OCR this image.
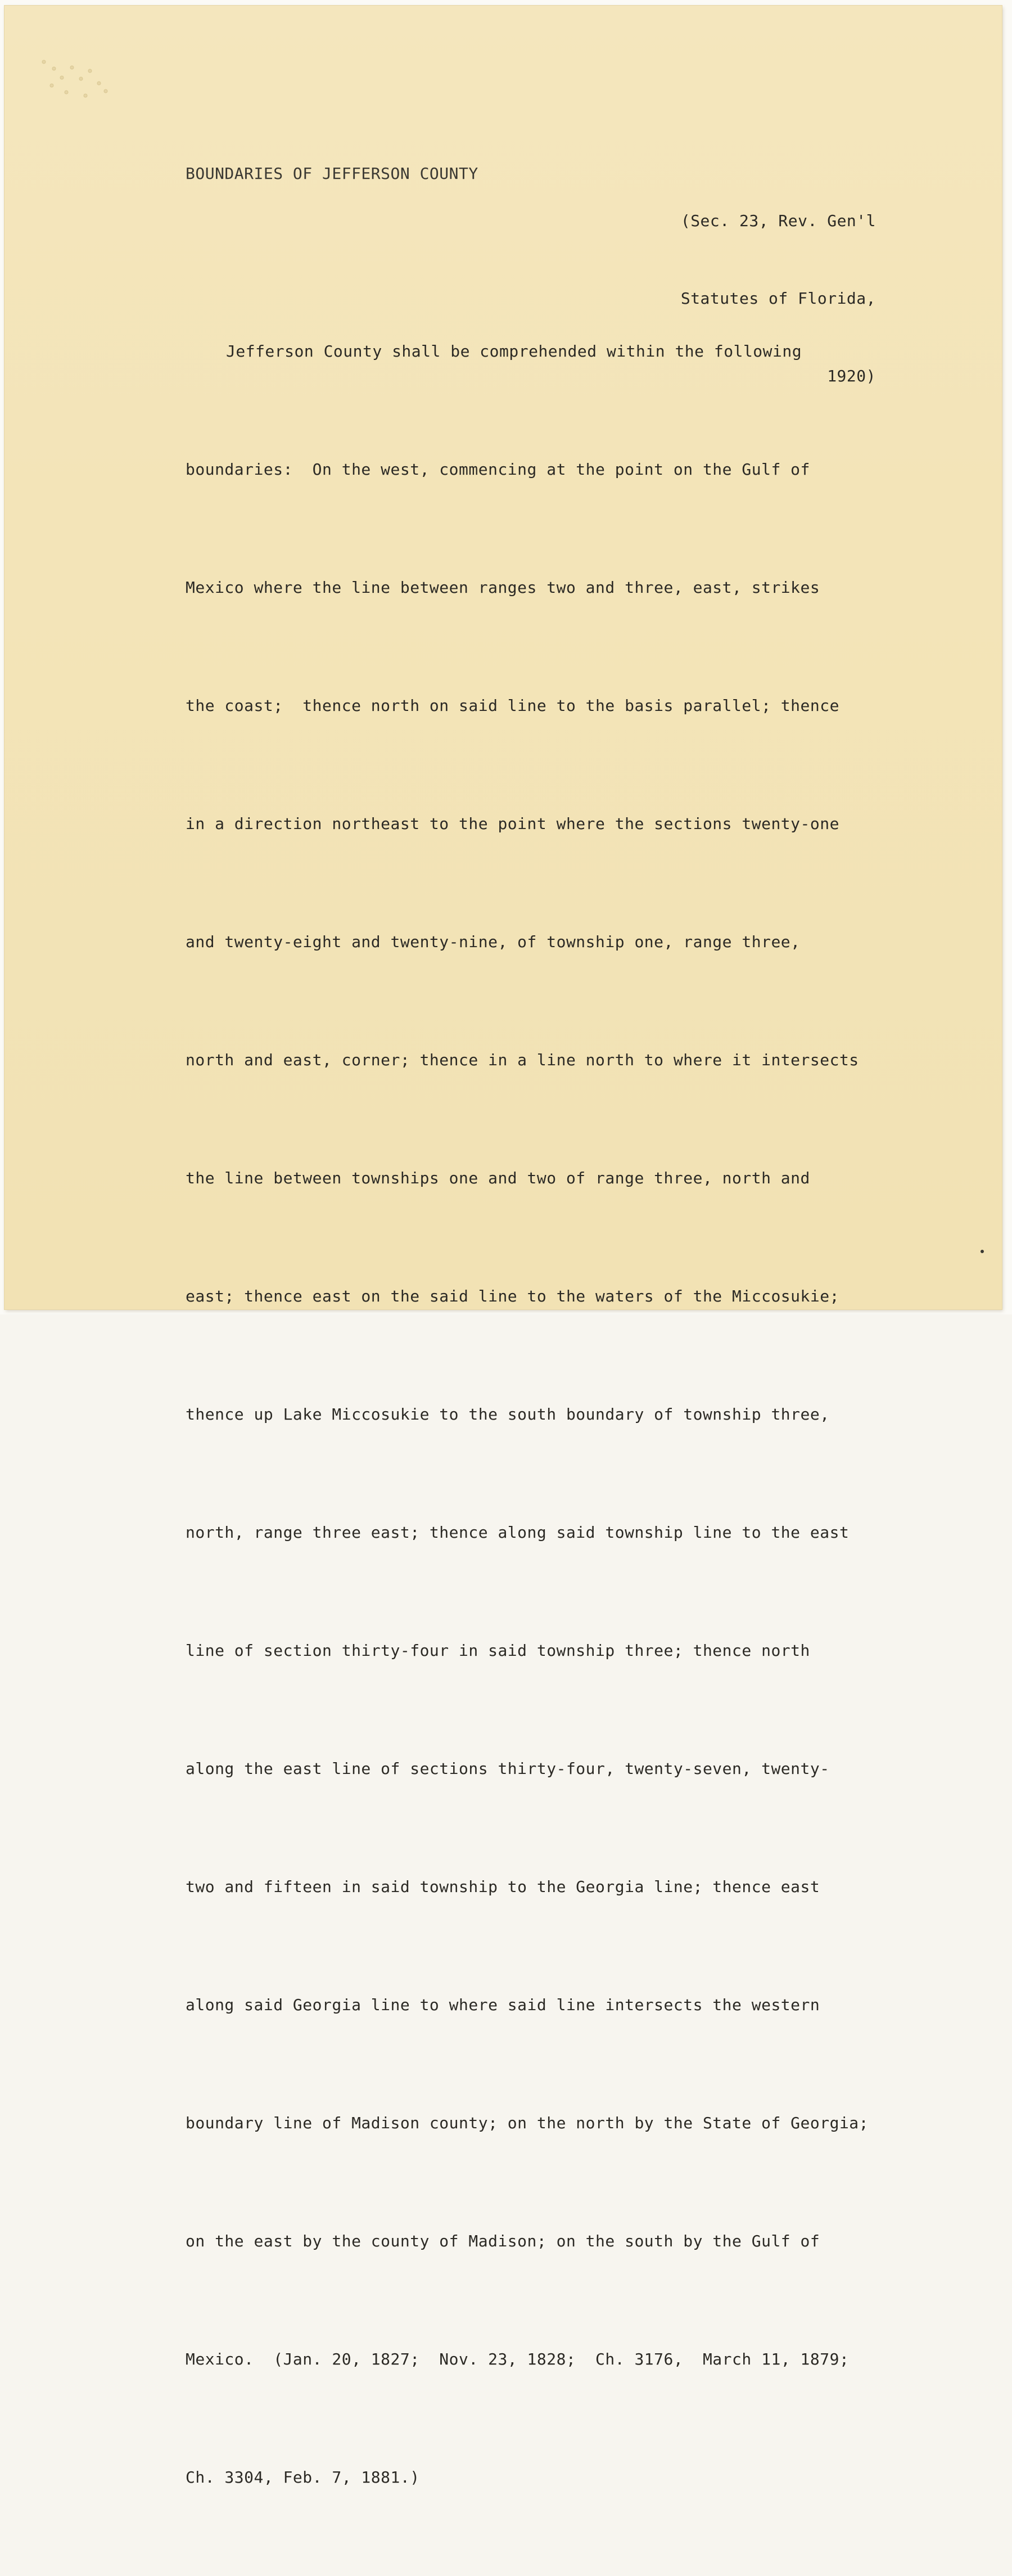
BOUNDARIES OF JEFFERSON COUNTY

(Sec. 23, Rev. Gen'l

Statutes of Florida,

1920)

Jefferson County shall be comprehended within the following

boundaries:  On the west, commencing at the point on the Gulf of

Mexico where the line between ranges two and three, east, strikes

the coast;  thence north on said line to the basis parallel; thence

in a direction northeast to the point where the sections twenty-one

and twenty-eight and twenty-nine, of township one, range three,

north and east, corner; thence in a line north to where it intersects

the line between townships one and two of range three, north and

east; thence east on the said line to the waters of the Miccosukie;

thence up Lake Miccosukie to the south boundary of township three,

north, range three east; thence along said township line to the east

line of section thirty-four in said township three; thence north

along the east line of sections thirty-four, twenty-seven, twenty-

two and fifteen in said township to the Georgia line; thence east

along said Georgia line to where said line intersects the western

boundary line of Madison county; on the north by the State of Georgia;

on the east by the county of Madison; on the south by the Gulf of

Mexico.  (Jan. 20, 1827;  Nov. 23, 1828;  Ch. 3176,  March 11, 1879;

Ch. 3304, Feb. 7, 1881.)
